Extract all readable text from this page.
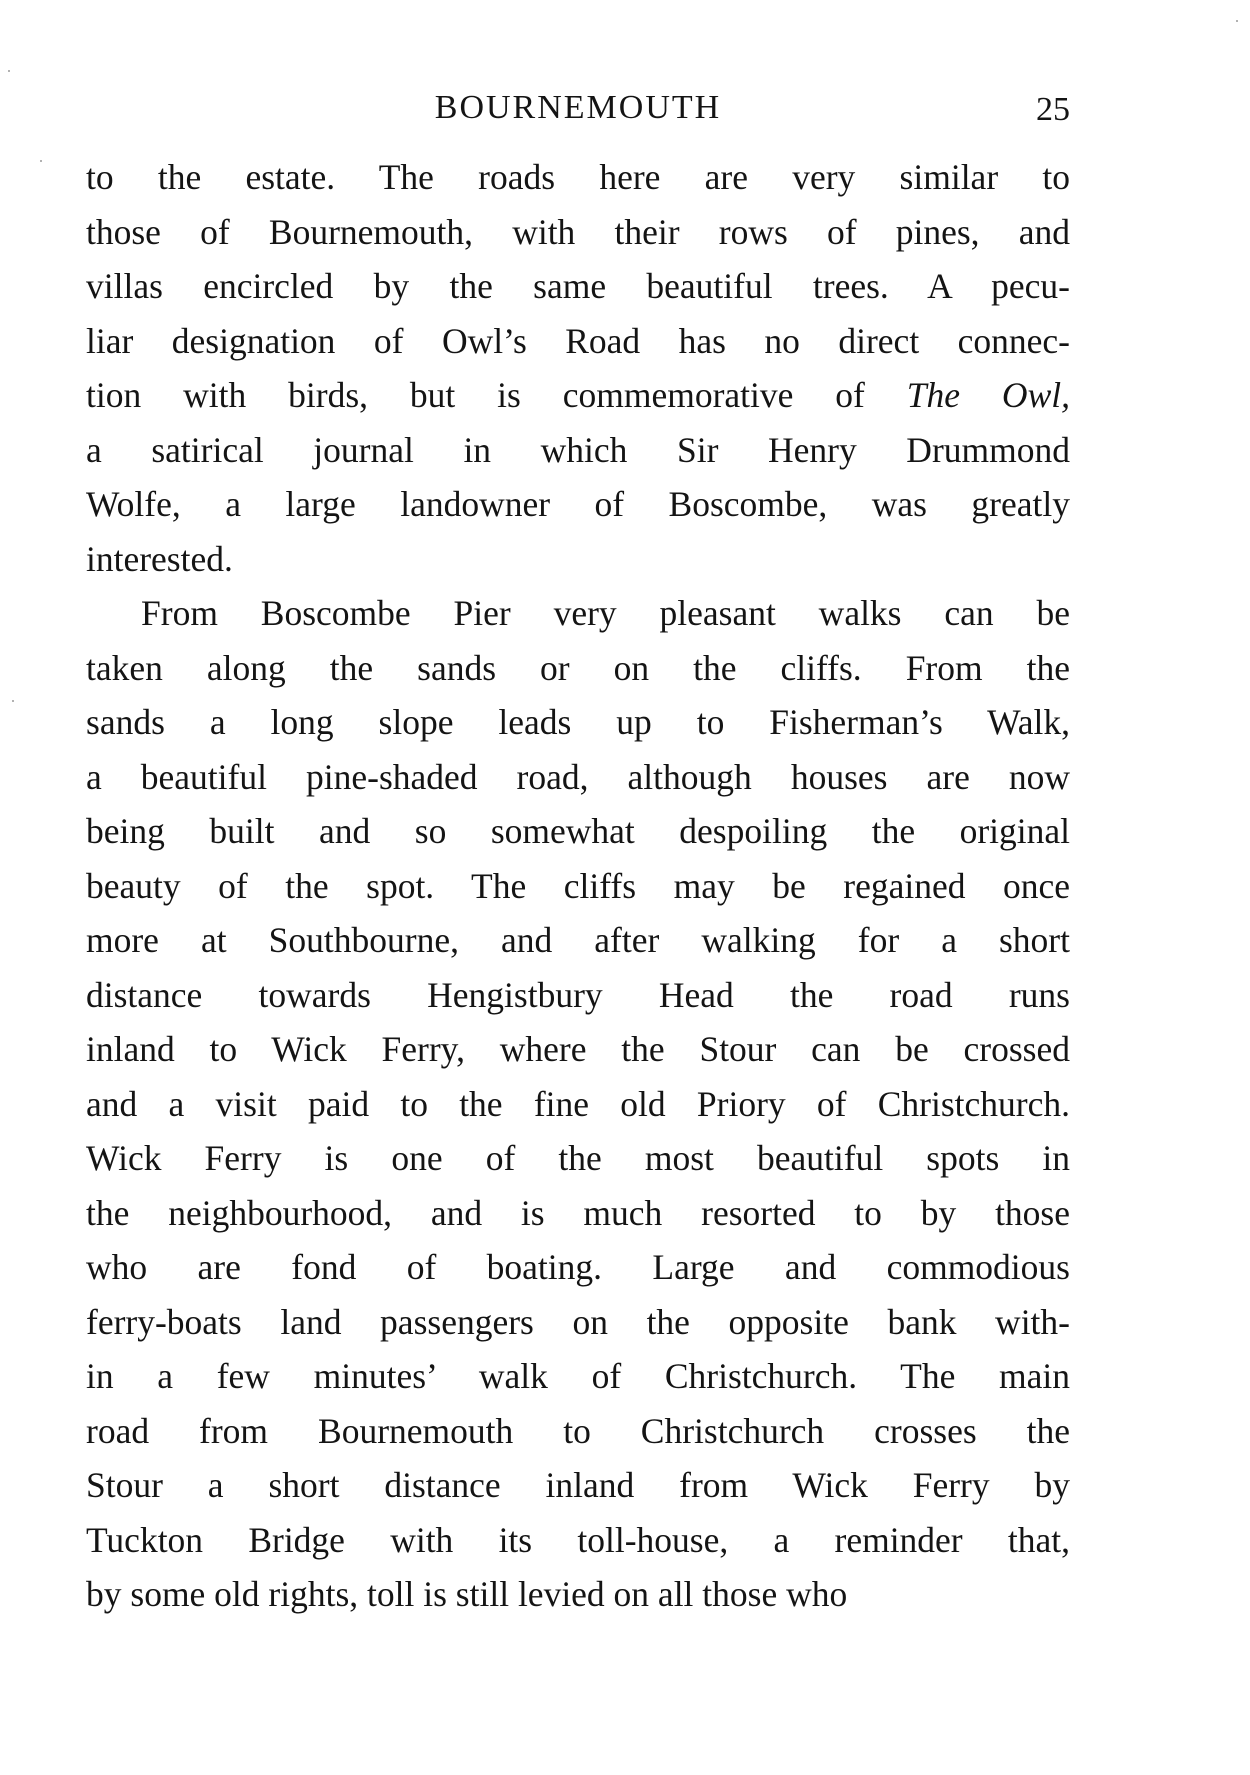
BOURNEMOUTH	25
to the estate. The roads here are very similar to
those of Bournemouth, with their rows of pines, and
villas encircled by the same beautiful trees. A pecu-
liar designation of Owl’s Road has no direct connec-
tion with birds, but is commemorative of The Owl,
a satirical journal in which Sir Henry Drummond
Wolfe, a large landowner of Boscombe, was greatly
interested.
From Boscombe Pier very pleasant walks can be
taken along the sands or on the cliffs. From the
sands a long slope leads up to Fisherman’s Walk,
a beautiful pine-shaded road, although houses are now
being built and so somewhat despoiling the original
beauty of the spot. The cliffs may be regained once
more at Southbourne, and after walking for a short
distance towards Hengistbury Head the road runs
inland to Wick Ferry, where the Stour can be crossed
and a visit paid to the fine old Priory of Christchurch.
Wick Ferry is one of the most beautiful spots in
the neighbourhood, and is much resorted to by those
who are fond of boating. Large and commodious
ferry-boats land passengers on the opposite bank with-
in a few minutes’ walk of Christchurch. The main
road from Bournemouth to Christchurch crosses the
Stour a short distance inland from Wick Ferry by
Tuckton Bridge with its toll-house, a reminder that,
by some old rights, toll is still levied on all those who
